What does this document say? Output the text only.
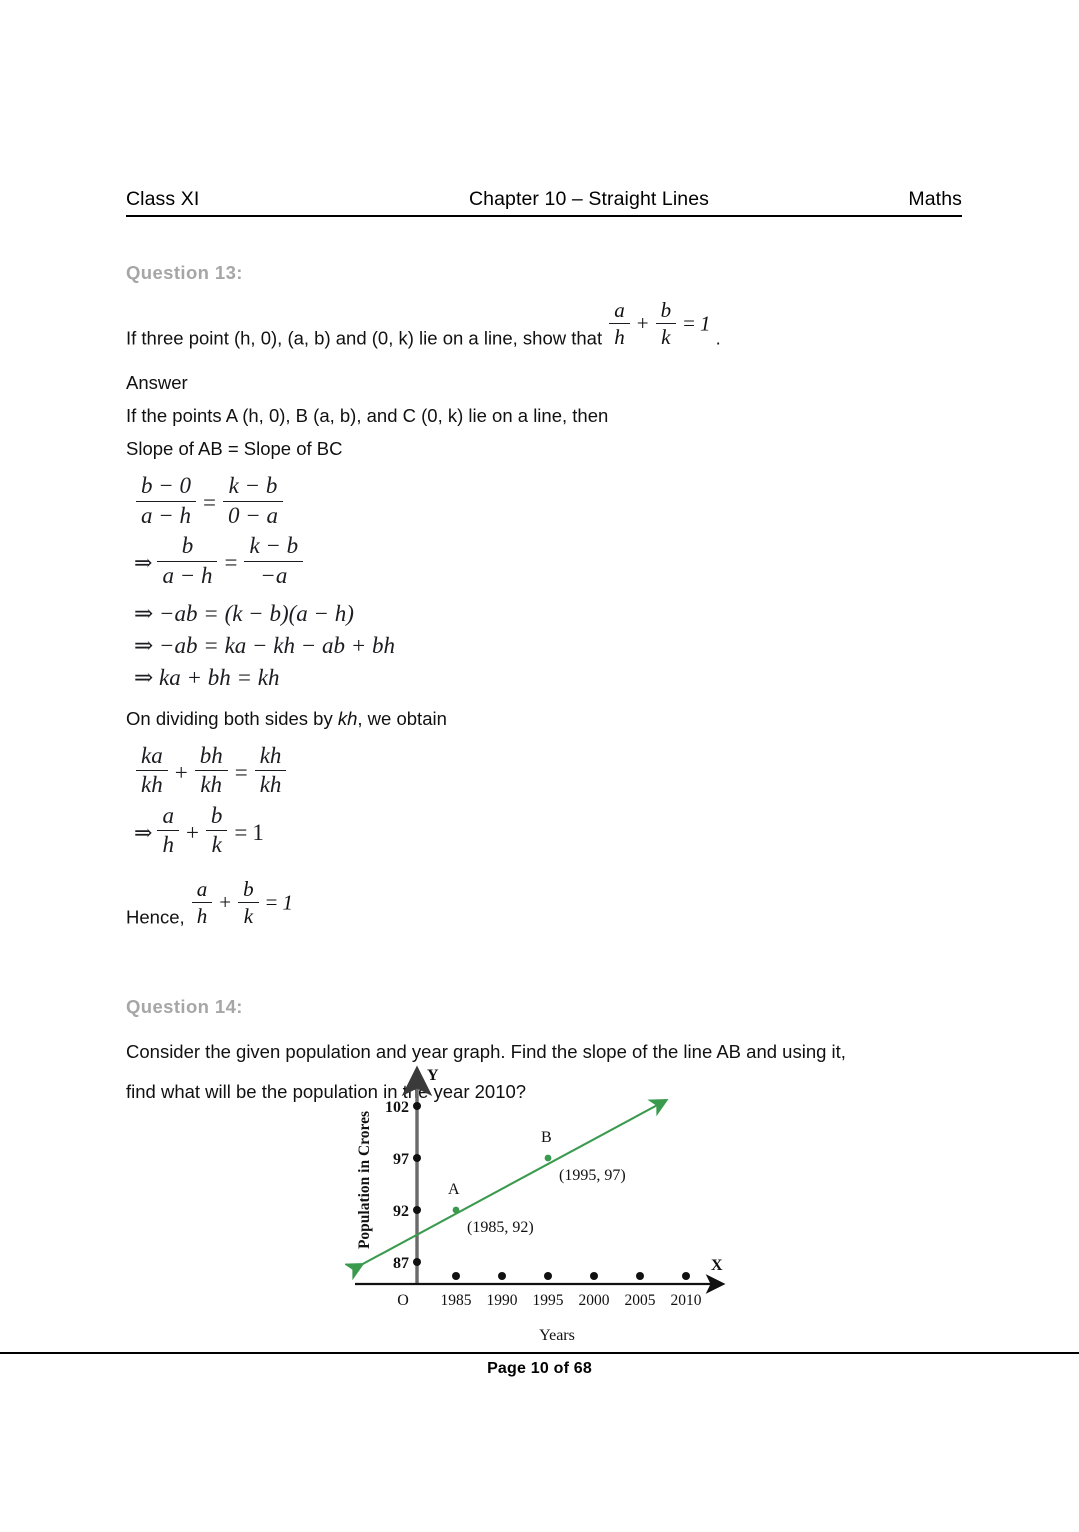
Class XI	Chapter 10 – Straight Lines	Maths
Question 13:
If three point (h, 0), (a, b) and (0, k) lie on a line, show that $\frac{a}{h} + \frac{b}{k} = 1$ .
Answer
If the points A (h, 0), B (a, b), and C (0, k) lie on a line, then
Slope of AB = Slope of BC
$\frac{b - 0}{a - h} = \frac{k - b}{0 - a}$
⇒ $\frac{b}{a - h} = \frac{k - b}{-a}$
⇒ −ab = (k − b)(a − h)
⇒ −ab = ka − kh − ab + bh
⇒ ka + bh = kh
On dividing both sides by kh, we obtain
$\frac{ka}{kh} + \frac{bh}{kh} = \frac{kh}{kh}$
⇒ $\frac{a}{h} + \frac{b}{k} = 1$
Hence, $\frac{a}{h} + \frac{b}{k} = 1$
Question 14:
Consider the given population and year graph. Find the slope of the line AB and using it,
find what will be the population in the year 2010?
102
97
92
87
1985 1990 1995 2000 2005 2010
O
Y
X
A
(1985, 92)
B
(1995, 97)
Population in Crores
Years
Page 10 of 68
